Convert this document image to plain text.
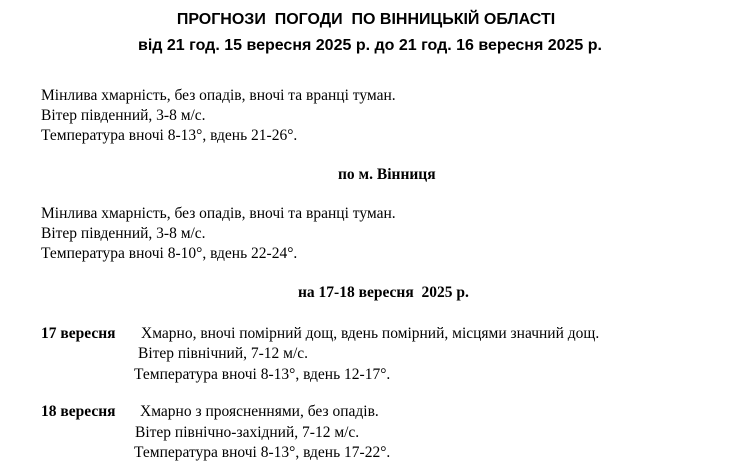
ПРОГНОЗИ  ПОГОДИ  ПО ВІННИЦЬКІЙ ОБЛАСТІ
від 21 год. 15 вересня 2025 р. до 21 год. 16 вересня 2025 р.
Мінлива хмарність, без опадів, вночі та вранці туман.
Вітер південний, 3-8 м/с.
Температура вночі 8-13°, вдень 21-26°.
по м. Вінниця
Мінлива хмарність, без опадів, вночі та вранці туман.
Вітер південний, 3-8 м/с.
Температура вночі 8-10°, вдень 22-24°.
на 17-18 вересня  2025 р.
17 вересня Хмарно, вночі помірний дощ, вдень помірний, місцями значний дощ.
Вітер північний, 7-12 м/с.
Температура вночі 8-13°, вдень 12-17°.
18 вересня Хмарно з проясненнями, без опадів.
Вітер північно-західний, 7-12 м/с.
Температура вночі 8-13°, вдень 17-22°.
